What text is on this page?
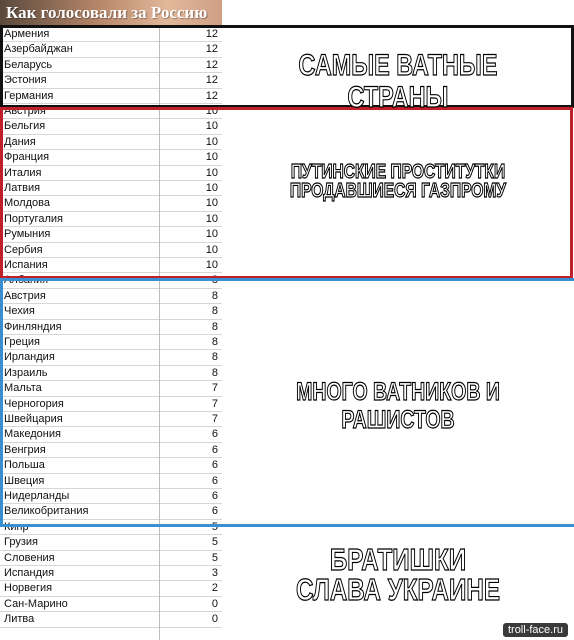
Как голосовали за Россию
Армения	12
Азербайджан	12
Беларусь	12
Эстония	12
Германия	12
Австрия	10
Бельгия	10
Дания	10
Франция	10
Италия	10
Латвия	10
Молдова	10
Португалия	10
Румыния	10
Сербия	10
Испания	10
Албания	8
Австрия	8
Чехия	8
Финляндия	8
Греция	8
Ирландия	8
Израиль	8
Мальта	7
Черногория	7
Швейцария	7
Македония	6
Венгрия	6
Польша	6
Швеция	6
Нидерланды	6
Великобритания	6
Кипр	5
Грузия	5
Словения	5
Испандия	3
Норвегия	2
Сан-Марино	0
Литва	0
САМЫЕ ВАТНЫЕ СТРАНЫ
ПУТИНСКИЕ ПРОСТИТУТКИ ПРОДАВШИЕСЯ ГАЗПРОМУ
МНОГО ВАТНИКОВ И РАШИСТОВ
БРАТИШКИ
СЛАВА УКРАИНЕ
troll-face.ru
